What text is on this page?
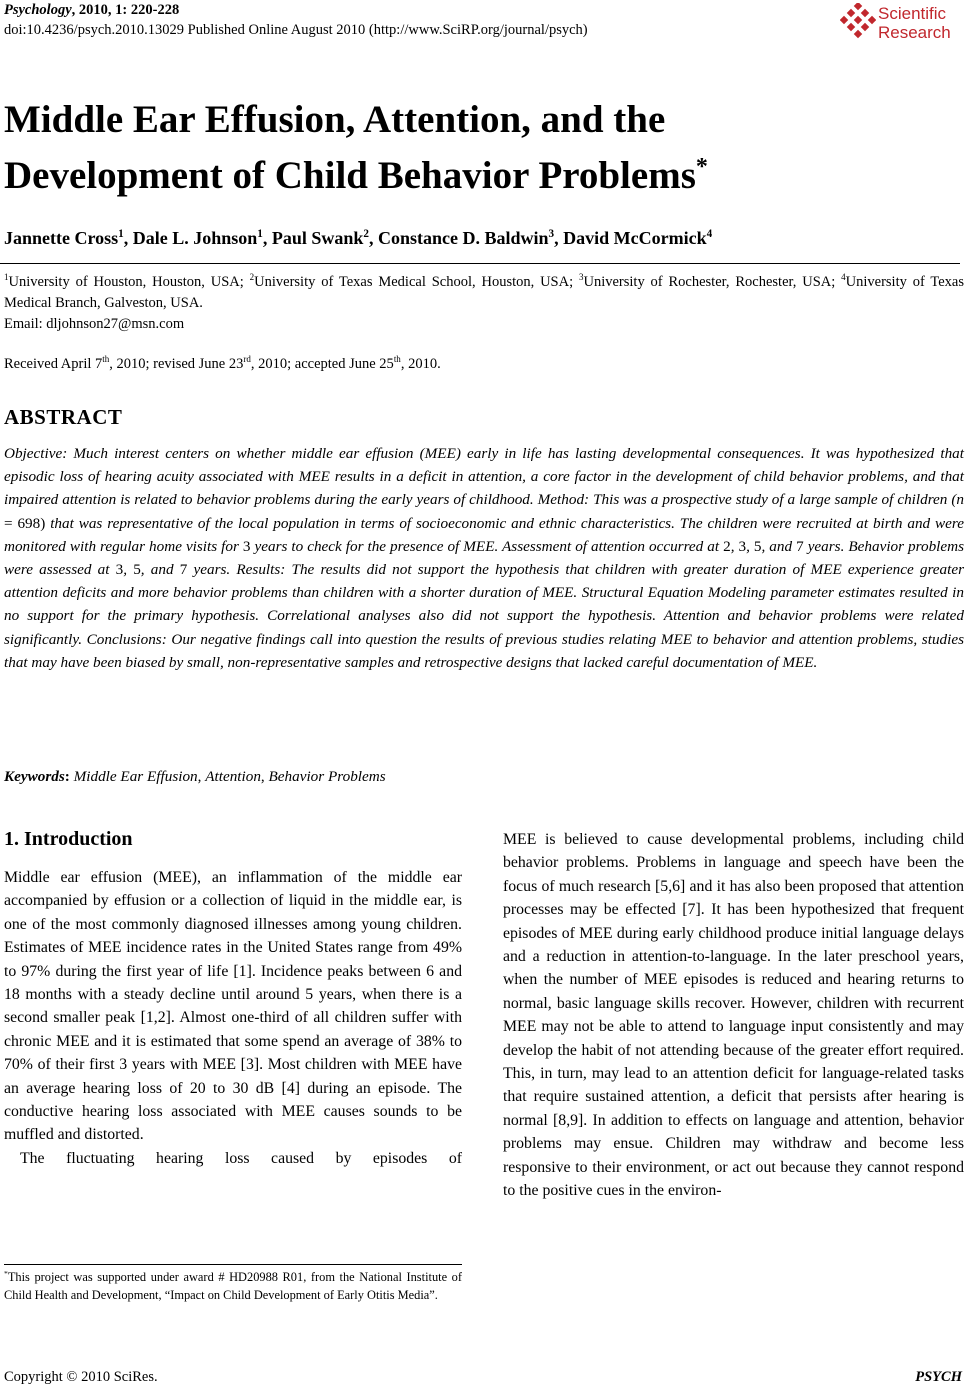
Psychology, 2010, 1: 220-228
doi:10.4236/psych.2010.13029 Published Online August 2010 (http://www.SciRP.org/journal/psych)
Scientific
Research
Middle Ear Effusion, Attention, and the
Development of Child Behavior Problems*
Jannette Cross$^1$, Dale L. Johnson$^1$, Paul Swank$^2$, Constance D. Baldwin$^3$, David McCormick$^4$
$^1$University of Houston, Houston, USA; $^2$University of Texas Medical School, Houston, USA; $^3$University of Rochester, Rochester, USA; $^4$University of Texas Medical Branch, Galveston, USA.
Email: dljohnson27@msn.com
Received April 7th, 2010; revised June 23rd, 2010; accepted June 25th, 2010.
ABSTRACT
Objective: Much interest centers on whether middle ear effusion (MEE) early in life has lasting developmental consequences. It was hypothesized that episodic loss of hearing acuity associated with MEE results in a deficit in attention, a core factor in the development of child behavior problems, and that impaired attention is related to behavior problems during the early years of childhood. Method: This was a prospective study of a large sample of children (n = 698) that was representative of the local population in terms of socioeconomic and ethnic characteristics. The children were recruited at birth and were monitored with regular home visits for 3 years to check for the presence of MEE. Assessment of attention occurred at 2, 3, 5, and 7 years. Behavior problems were assessed at 3, 5, and 7 years. Results: The results did not support the hypothesis that children with greater duration of MEE experience greater attention deficits and more behavior problems than children with a shorter duration of MEE. Structural Equation Modeling parameter estimates resulted in no support for the primary hypothesis. Correlational analyses also did not support the hypothesis. Attention and behavior problems were related significantly. Conclusions: Our negative findings call into question the results of previous studies relating MEE to behavior and attention problems, studies that may have been biased by small, non-representative samples and retrospective designs that lacked careful documentation of MEE.
Keywords: Middle Ear Effusion, Attention, Behavior Problems
1. Introduction

Middle ear effusion (MEE), an inflammation of the middle ear accompanied by effusion or a collection of liquid in the middle ear, is one of the most commonly diagnosed illnesses among young children. Estimates of MEE incidence rates in the United States range from 49% to 97% during the first year of life [1]. Incidence peaks between 6 and 18 months with a steady decline until around 5 years, when there is a second smaller peak [1,2]. Almost one-third of all children suffer with chronic MEE and it is estimated that some spend an average of 38% to 70% of their first 3 years with MEE [3]. Most children with MEE have an average hearing loss of 20 to 30 dB [4] during an episode. The conductive hearing loss associated with MEE causes sounds to be muffled and distorted.

The fluctuating hearing loss caused by episodes of

MEE is believed to cause developmental problems, including child behavior problems. Problems in language and speech have been the focus of much research [5,6] and it has also been proposed that attention processes may be effected [7]. It has been hypothesized that frequent episodes of MEE during early childhood produce initial language delays and a reduction in attention-to-language. In the later preschool years, when the number of MEE episodes is reduced and hearing returns to normal, basic language skills recover. However, children with recurrent MEE may not be able to attend to language input consistently and may develop the habit of not attending because of the greater effort required. This, in turn, may lead to an attention deficit for language-related tasks that require sustained attention, a deficit that persists after hearing is normal [8,9]. In addition to effects on language and attention, behavior problems may ensue. Children may withdraw and become less responsive to their environment, or act out because they cannot respond to the positive cues in the environ-

*This project was supported under award # HD20988 R01, from the National Institute of Child Health and Development, “Impact on Child Development of Early Otitis Media”.
Copyright © 2010 SciRes.	PSYCH
